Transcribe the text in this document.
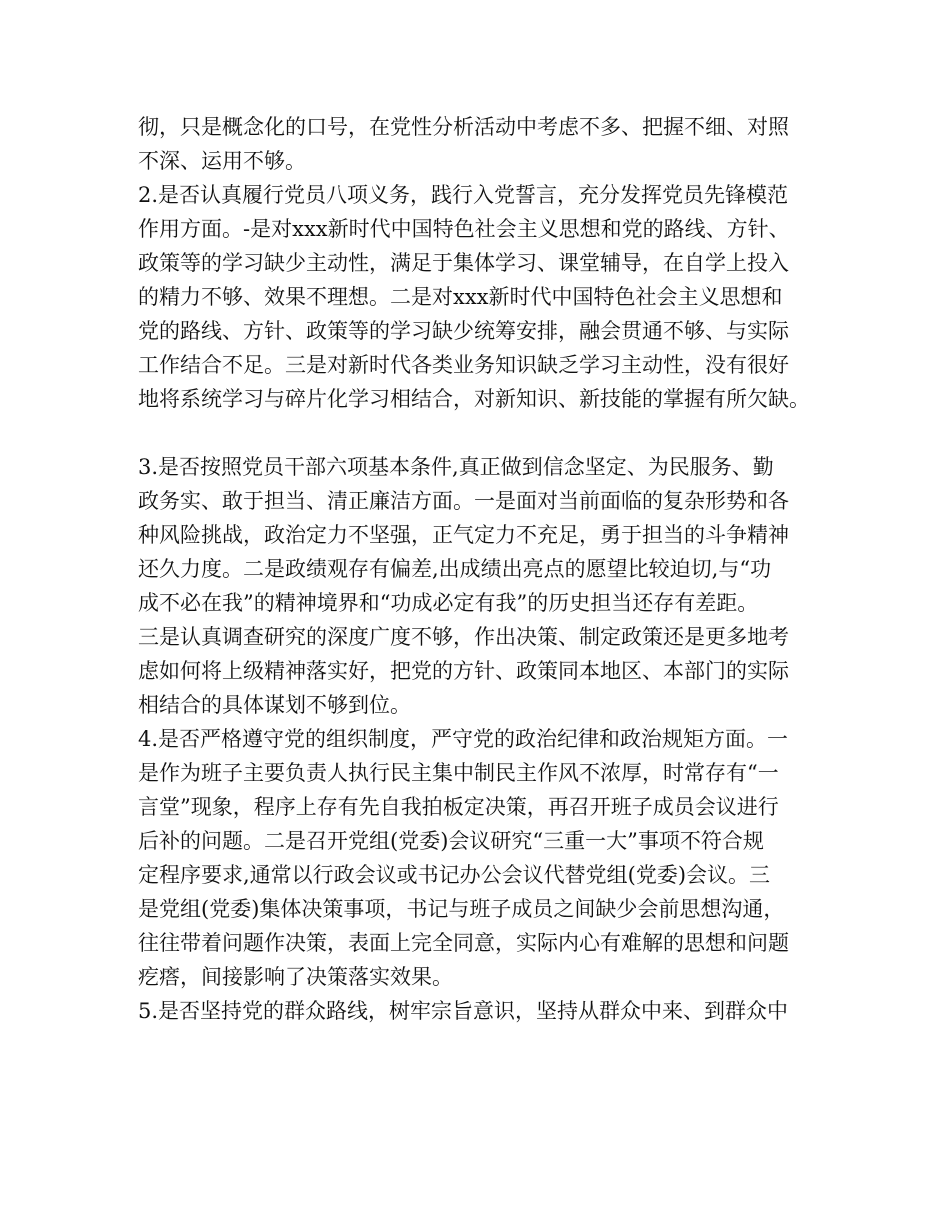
彻，只是概念化的口号，在党性分析活动中考虑不多、把握不细、对照
不深、运用不够。
2.是否认真履行党员八项义务，践行入党誓言，充分发挥党员先锋模范
作用方面。-是对xxx新时代中国特色社会主义思想和党的路线、方针、
政策等的学习缺少主动性，满足于集体学习、课堂辅导，在自学上投入
的精力不够、效果不理想。二是对xxx新时代中国特色社会主义思想和
党的路线、方针、政策等的学习缺少统筹安排，融会贯通不够、与实际
工作结合不足。三是对新时代各类业务知识缺乏学习主动性，没有很好
地将系统学习与碎片化学习相结合，对新知识、新技能的掌握有所欠缺。
3.是否按照党员干部六项基本条件,真正做到信念坚定、为民服务、勤
政务实、敢于担当、清正廉洁方面。一是面对当前面临的复杂形势和各
种风险挑战，政治定力不坚强，正气定力不充足，勇于担当的斗争精神
还久力度。二是政绩观存有偏差,出成绩出亮点的愿望比较迫切,与“功
成不必在我”的精神境界和“功成必定有我”的历史担当还存有差距。
三是认真调查研究的深度广度不够，作出决策、制定政策还是更多地考
虑如何将上级精神落实好，把党的方针、政策同本地区、本部门的实际
相结合的具体谋划不够到位。
4.是否严格遵守党的组织制度，严守党的政治纪律和政治规矩方面。一
是作为班子主要负责人执行民主集中制民主作风不浓厚，时常存有“一
言堂”现象，程序上存有先自我拍板定决策，再召开班子成员会议进行
后补的问题。二是召开党组(党委)会议研究“三重一大”事项不符合规
定程序要求,通常以行政会议或书记办公会议代替党组(党委)会议。三
是党组(党委)集体决策事项，书记与班子成员之间缺少会前思想沟通，
往往带着问题作决策，表面上完全同意，实际内心有难解的思想和问题
疙瘩，间接影响了决策落实效果。
5.是否坚持党的群众路线，树牢宗旨意识，坚持从群众中来、到群众中
